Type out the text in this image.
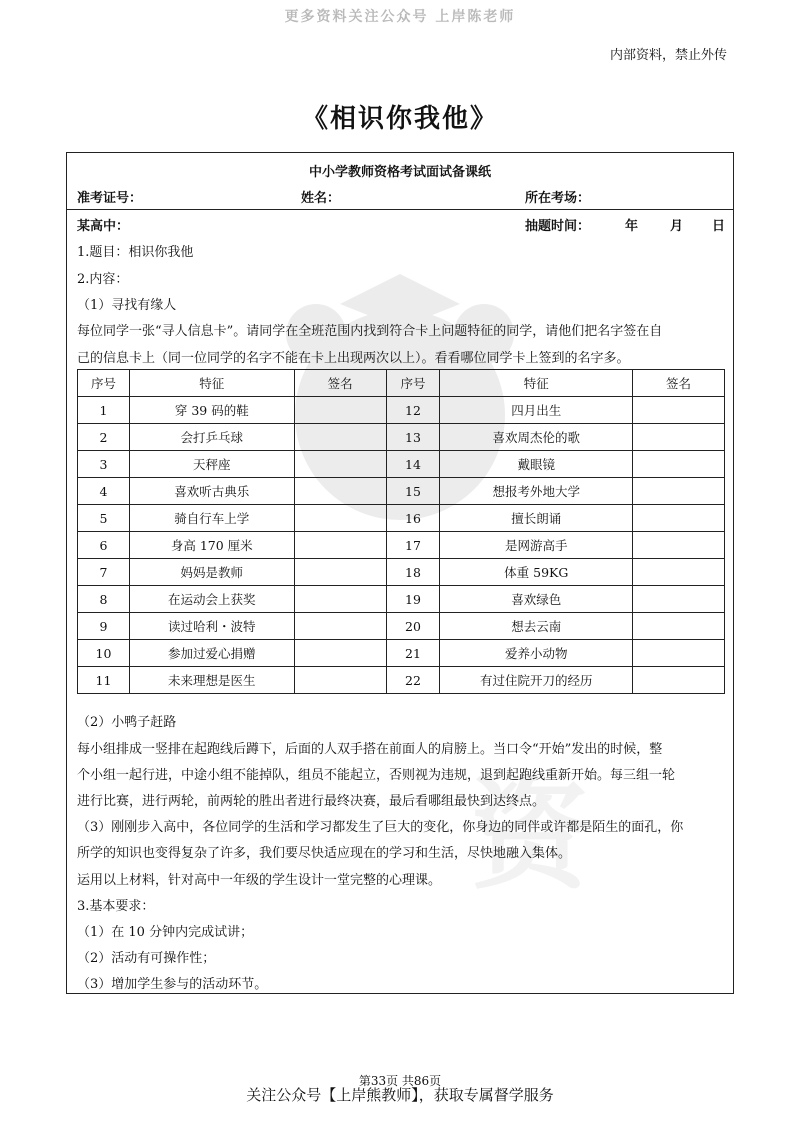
更多资料关注公众号 上岸陈老师
内部资料，禁止外传
《相识你我他》
资
中小学教师资格考试面试备课纸
准考证号：	姓名：	所在考场：
某高中：	抽题时间：	年 月 日
1.题目：相识你我他
2.内容：
（1）寻找有缘人
每位同学一张“寻人信息卡”。请同学在全班范围内找到符合卡上问题特征的同学，请他们把名字签在自
己的信息卡上（同一位同学的名字不能在卡上出现两次以上）。看看哪位同学卡上签到的名字多。
序号	特征	签名	序号	特征	签名
1	穿 39 码的鞋		12	四月出生	
2	会打乒乓球		13	喜欢周杰伦的歌	
3	天秤座		14	戴眼镜	
4	喜欢听古典乐		15	想报考外地大学	
5	骑自行车上学		16	擅长朗诵	
6	身高 170 厘米		17	是网游高手	
7	妈妈是教师		18	体重 59KG	
8	在运动会上获奖		19	喜欢绿色	
9	读过哈利・波特		20	想去云南	
10	参加过爱心捐赠		21	爱养小动物	
11	未来理想是医生		22	有过住院开刀的经历	
（2）小鸭子赶路
每小组排成一竖排在起跑线后蹲下，后面的人双手搭在前面人的肩膀上。当口令“开始”发出的时候，整
个小组一起行进，中途小组不能掉队，组员不能起立，否则视为违规，退到起跑线重新开始。每三组一轮
进行比赛，进行两轮，前两轮的胜出者进行最终决赛，最后看哪组最快到达终点。
（3）刚刚步入高中，各位同学的生活和学习都发生了巨大的变化，你身边的同伴或许都是陌生的面孔，你
所学的知识也变得复杂了许多，我们要尽快适应现在的学习和生活，尽快地融入集体。
运用以上材料，针对高中一年级的学生设计一堂完整的心理课。
3.基本要求：
（1）在 10 分钟内完成试讲；
（2）活动有可操作性；
（3）增加学生参与的活动环节。
第33页 共86页
关注公众号【上岸熊教师】，获取专属督学服务
